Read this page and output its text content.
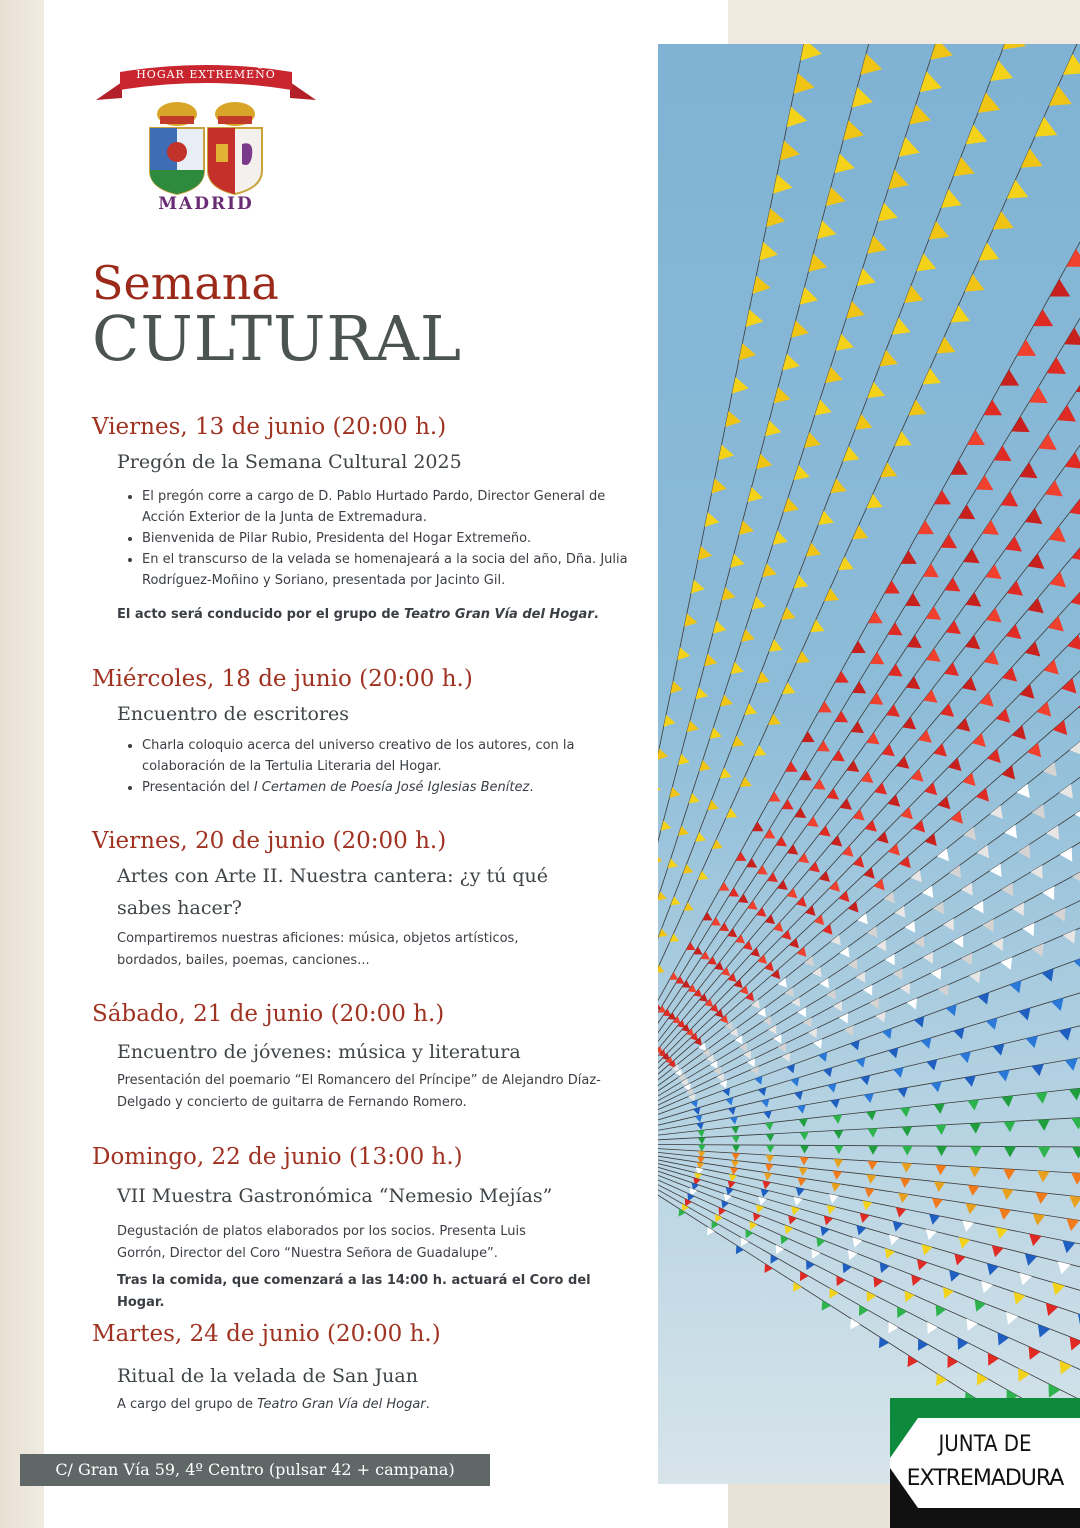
HOGAR EXTREMEÑO
MADRID
Semana
CULTURAL
Viernes, 13 de junio (20:00 h.)
Pregón de la Semana Cultural 2025
• El pregón corre a cargo de D. Pablo Hurtado Pardo, Director General de Acción Exterior de la Junta de Extremadura.
• Bienvenida de Pilar Rubio, Presidenta del Hogar Extremeño.
• En el transcurso de la velada se homenajeará a la socia del año, Dña. Julia Rodríguez-Moñino y Soriano, presentada por Jacinto Gil.
El acto será conducido por el grupo de Teatro Gran Vía del Hogar.
Miércoles, 18 de junio (20:00 h.)
Encuentro de escritores
• Charla coloquio acerca del universo creativo de los autores, con la colaboración de la Tertulia Literaria del Hogar.
• Presentación del I Certamen de Poesía José Iglesias Benítez.
Viernes, 20 de junio (20:00 h.)
Artes con Arte II. Nuestra cantera: ¿y tú qué sabes hacer?
Compartiremos nuestras aficiones: música, objetos artísticos, bordados, bailes, poemas, canciones...
Sábado, 21 de junio (20:00 h.)
Encuentro de jóvenes: música y literatura
Presentación del poemario “El Romancero del Príncipe” de Alejandro Díaz-Delgado y concierto de guitarra de Fernando Romero.
Domingo, 22 de junio (13:00 h.)
VII Muestra Gastronómica “Nemesio Mejías”
Degustación de platos elaborados por los socios. Presenta Luis Gorrón, Director del Coro “Nuestra Señora de Guadalupe”.
Tras la comida, que comenzará a las 14:00 h. actuará el Coro del Hogar.
Martes, 24 de junio (20:00 h.)
Ritual de la velada de San Juan
A cargo del grupo de Teatro Gran Vía del Hogar.
C/ Gran Vía 59, 4º Centro (pulsar 42 + campana)
JUNTA DE
EXTREMADURA
